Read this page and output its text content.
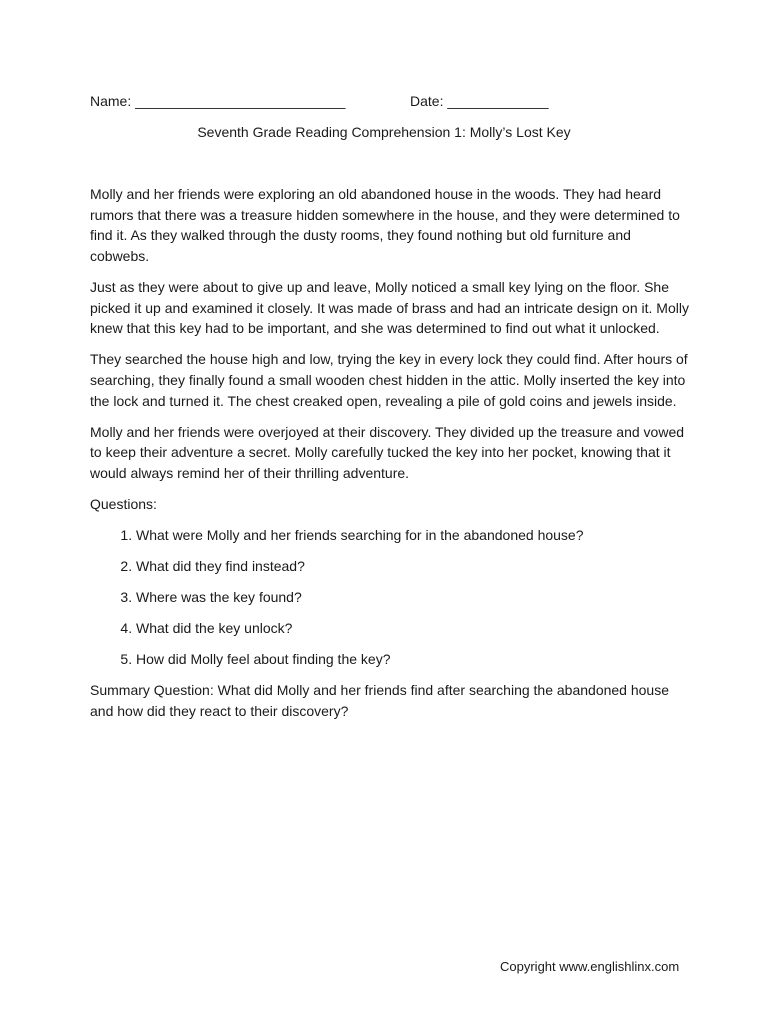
Name: ___________________________	Date: _____________
Seventh Grade Reading Comprehension 1: Molly’s Lost Key

Molly and her friends were exploring an old abandoned house in the woods. They had heard rumors that there was a treasure hidden somewhere in the house, and they were determined to find it. As they walked through the dusty rooms, they found nothing but old furniture and cobwebs.

Just as they were about to give up and leave, Molly noticed a small key lying on the floor. She picked it up and examined it closely. It was made of brass and had an intricate design on it. Molly knew that this key had to be important, and she was determined to find out what it unlocked.

They searched the house high and low, trying the key in every lock they could find. After hours of searching, they finally found a small wooden chest hidden in the attic. Molly inserted the key into the lock and turned it. The chest creaked open, revealing a pile of gold coins and jewels inside.

Molly and her friends were overjoyed at their discovery. They divided up the treasure and vowed to keep their adventure a secret. Molly carefully tucked the key into her pocket, knowing that it would always remind her of their thrilling adventure.

Questions:

1. What were Molly and her friends searching for in the abandoned house?
2. What did they find instead?
3. Where was the key found?
4. What did the key unlock?
5. How did Molly feel about finding the key?

Summary Question: What did Molly and her friends find after searching the abandoned house and how did they react to their discovery?

Copyright www.englishlinx.com
